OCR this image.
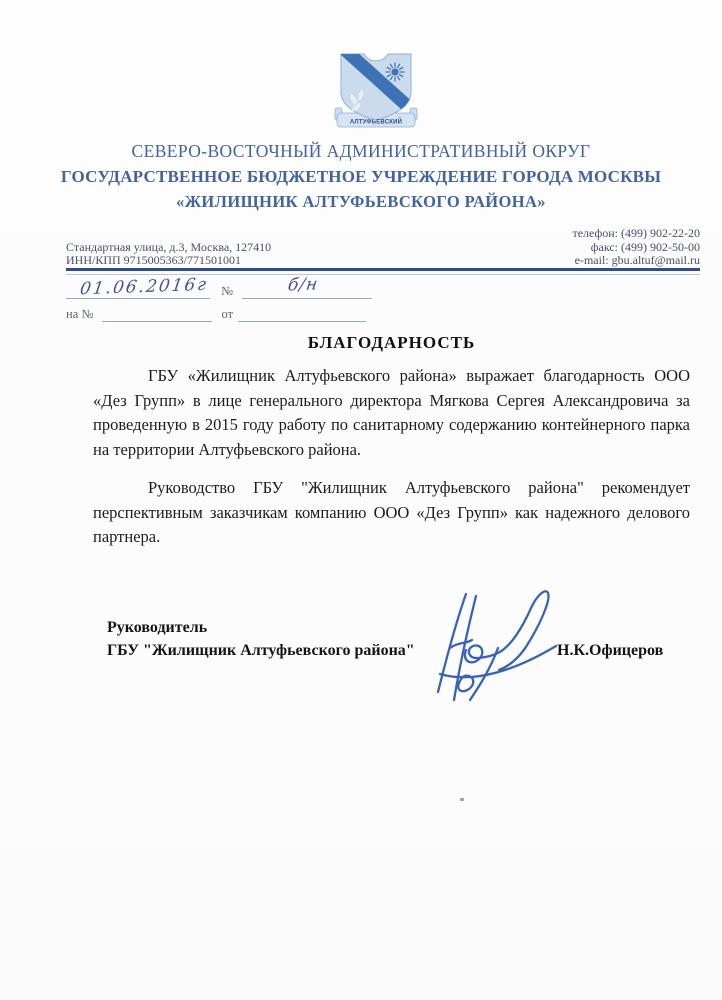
АЛТУФЬЕВСКИЙ
СЕВЕРО-ВОСТОЧНЫЙ АДМИНИСТРАТИВНЫЙ ОКРУГ
ГОСУДАРСТВЕННОЕ БЮДЖЕТНОЕ УЧРЕЖДЕНИЕ ГОРОДА МОСКВЫ
«ЖИЛИЩНИК АЛТУФЬЕВСКОГО РАЙОНА»
Стандартная улица, д.3, Москва, 127410
ИНН/КПП 9715005363/771501001
телефон: (499) 902-22-20
факс: (499) 902-50-00
e-mail: gbu.altuf@mail.ru
01.06.2016г №	б/н
на №	от
БЛАГОДАРНОСТЬ

ГБУ «Жилищник Алтуфьевского района» выражает благодарность ООО «Дез Групп» в лице генерального директора Мягкова Сергея Александровича за проведенную в 2015 году работу по санитарному содержанию контейнерного парка на территории Алтуфьевского района.

Руководство ГБУ "Жилищник Алтуфьевского района" рекомендует перспективным заказчикам компанию ООО «Дез Групп» как надежного делового партнера.

Руководитель
ГБУ "Жилищник Алтуфьевского района"	Н.К.Офицеров
